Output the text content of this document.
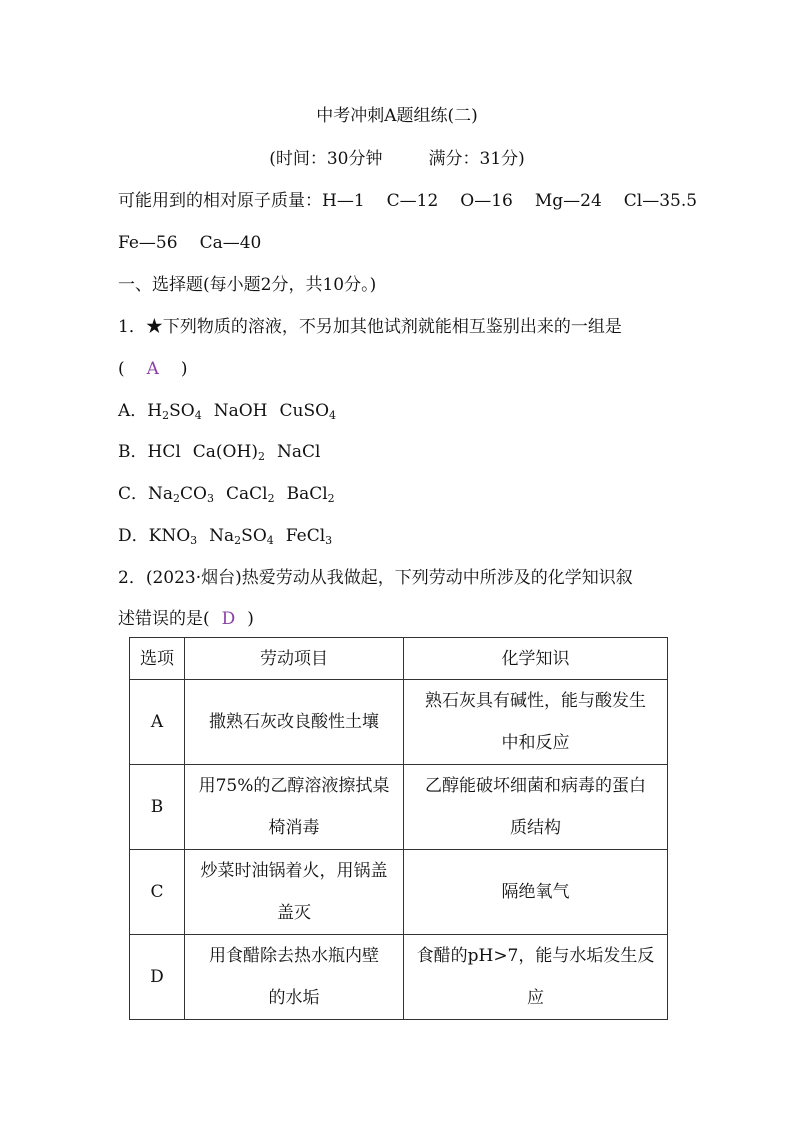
中考冲刺A题组练(二)
(时间：30分钟	满分：31分)
可能用到的相对原子质量：H—1 C—12 O—16 Mg—24 Cl—35.5
Fe—56 Ca—40
一、选择题(每小题2分，共10分。)
1．★下列物质的溶液，不另加其他试剂就能相互鉴别出来的一组是
( A )
A．$H_2SO_4$ NaOH CuSO$_4$
B．HCl $Ca(OH)_2$ NaCl
C．$Na_2CO_3$ CaCl$_2$ BaCl$_2$
D．$KNO_3$ $Na_2SO_4$ FeCl$_3$
2．(2023·烟台)热爱劳动从我做起，下列劳动中所涉及的化学知识叙
述错误的是( D )
选项	劳动项目	化学知识
A	撒熟石灰改良酸性土壤	熟石灰具有碱性，能与酸发生
中和反应

B	用75%的乙醇溶液擦拭桌
椅消毒	乙醇能破坏细菌和病毒的蛋白
质结构

C	炒菜时油锅着火，用锅盖
盖灭	隔绝氧气

D	用食醋除去热水瓶内壁
的水垢	食醋的pH>7，能与水垢发生反
应
